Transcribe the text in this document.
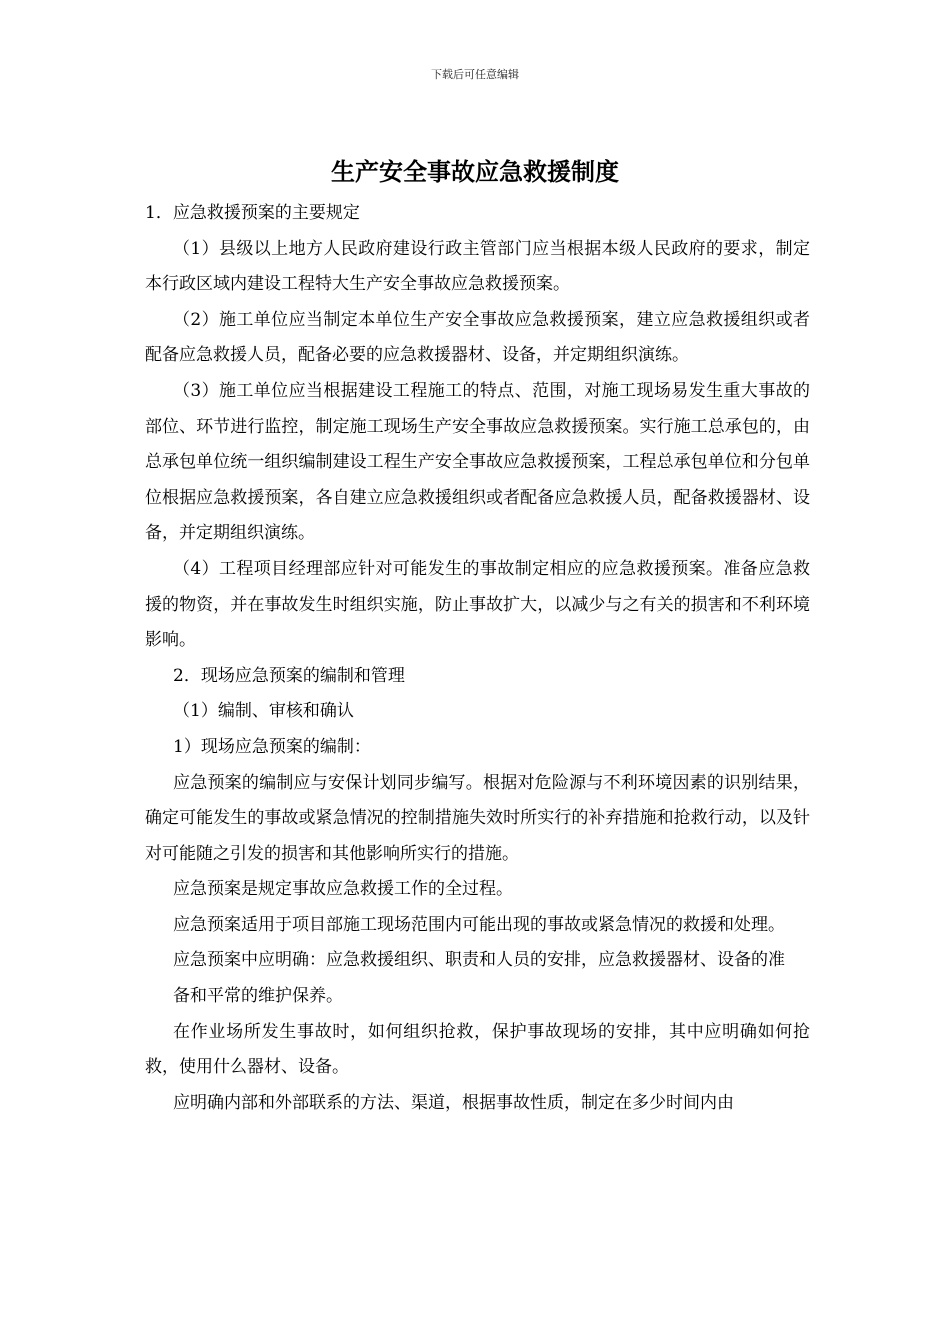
下载后可任意编辑
生产安全事故应急救援制度

1．应急救援预案的主要规定

（1）县级以上地方人民政府建设行政主管部门应当根据本级人民政府的要求，制定本行政区域内建设工程特大生产安全事故应急救援预案。

（2）施工单位应当制定本单位生产安全事故应急救援预案，建立应急救援组织或者配备应急救援人员，配备必要的应急救援器材、设备，并定期组织演练。

（3）施工单位应当根据建设工程施工的特点、范围，对施工现场易发生重大事故的部位、环节进行监控，制定施工现场生产安全事故应急救援预案。实行施工总承包的，由总承包单位统一组织编制建设工程生产安全事故应急救援预案，工程总承包单位和分包单位根据应急救援预案，各自建立应急救援组织或者配备应急救援人员，配备救援器材、设备，并定期组织演练。

（4）工程项目经理部应针对可能发生的事故制定相应的应急救援预案。准备应急救援的物资，并在事故发生时组织实施，防止事故扩大，以减少与之有关的损害和不利环境影响。

2．现场应急预案的编制和管理

（1）编制、审核和确认

1）现场应急预案的编制：

应急预案的编制应与安保计划同步编写。根据对危险源与不利环境因素的识别结果，确定可能发生的事故或紧急情况的控制措施失效时所实行的补弃措施和抢救行动，以及针对可能随之引发的损害和其他影响所实行的措施。

应急预案是规定事故应急救援工作的全过程。

应急预案适用于项目部施工现场范围内可能出现的事故或紧急情况的救援和处理。

应急预案中应明确：应急救援组织、职责和人员的安排，应急救援器材、设备的准

备和平常的维护保养。

在作业场所发生事故时，如何组织抢救，保护事故现场的安排，其中应明确如何抢救，使用什么器材、设备。

应明确内部和外部联系的方法、渠道，根据事故性质，制定在多少时间内由
